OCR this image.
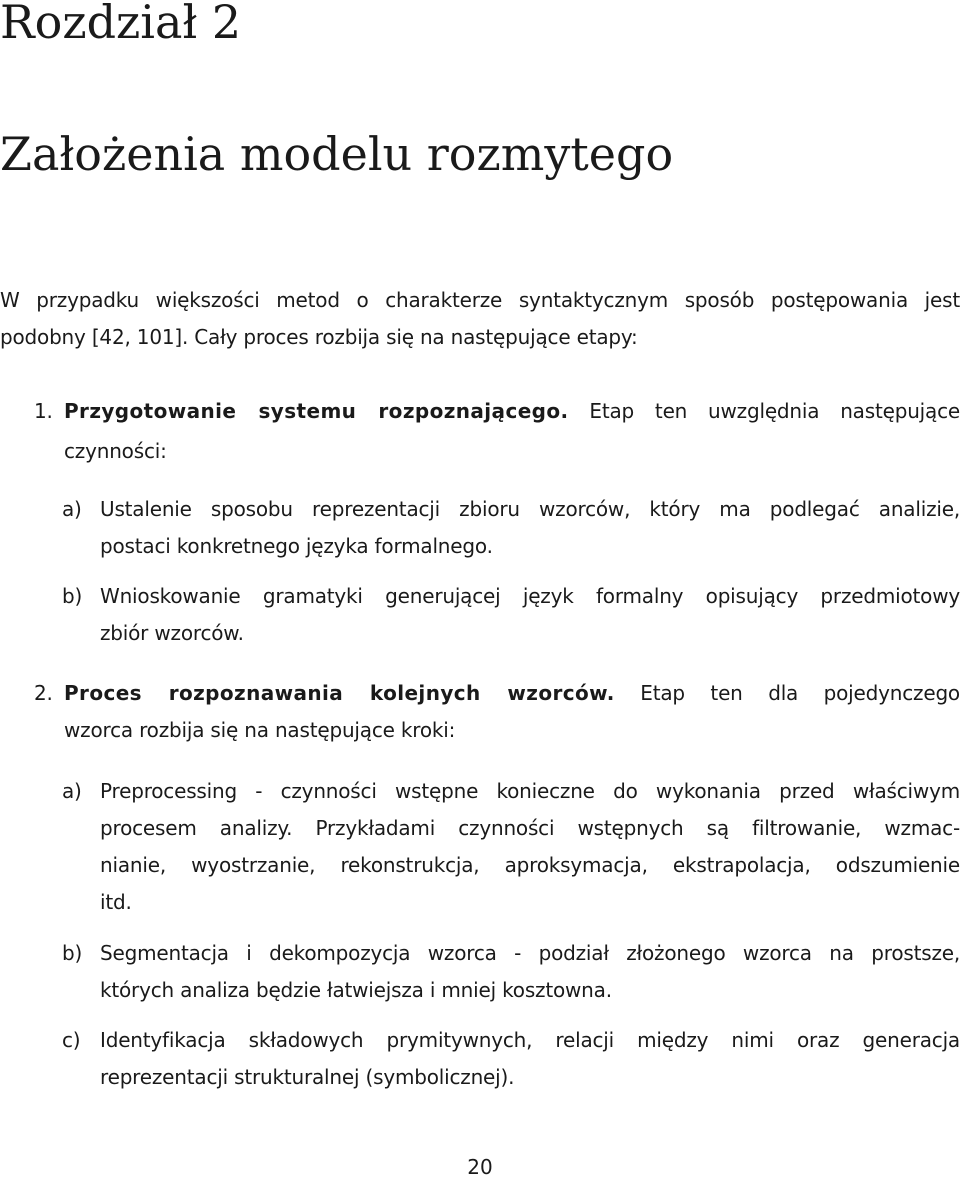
Rozdział 2
Założenia modelu rozmytego
W przypadku większości metod o charakterze syntaktycznym sposób postępowania jest
podobny [42, 101]. Cały proces rozbija się na następujące etapy:
1. Przygotowanie systemu rozpoznającego. Etap ten uwzględnia następujące
czynności:
a) Ustalenie sposobu reprezentacji zbioru wzorców, który ma podlegać analizie,
postaci konkretnego języka formalnego.
b) Wnioskowanie gramatyki generującej język formalny opisujący przedmiotowy
zbiór wzorców.
2. Proces rozpoznawania kolejnych wzorców. Etap ten dla pojedynczego
wzorca rozbija się na następujące kroki:
a) Preprocessing - czynności wstępne konieczne do wykonania przed właściwym
procesem analizy. Przykładami czynności wstępnych są filtrowanie, wzmac-
nianie, wyostrzanie, rekonstrukcja, aproksymacja, ekstrapolacja, odszumienie
itd.
b) Segmentacja i dekompozycja wzorca - podział złożonego wzorca na prostsze,
których analiza będzie łatwiejsza i mniej kosztowna.
c) Identyfikacja składowych prymitywnych, relacji między nimi oraz generacja
reprezentacji strukturalnej (symbolicznej).
20
